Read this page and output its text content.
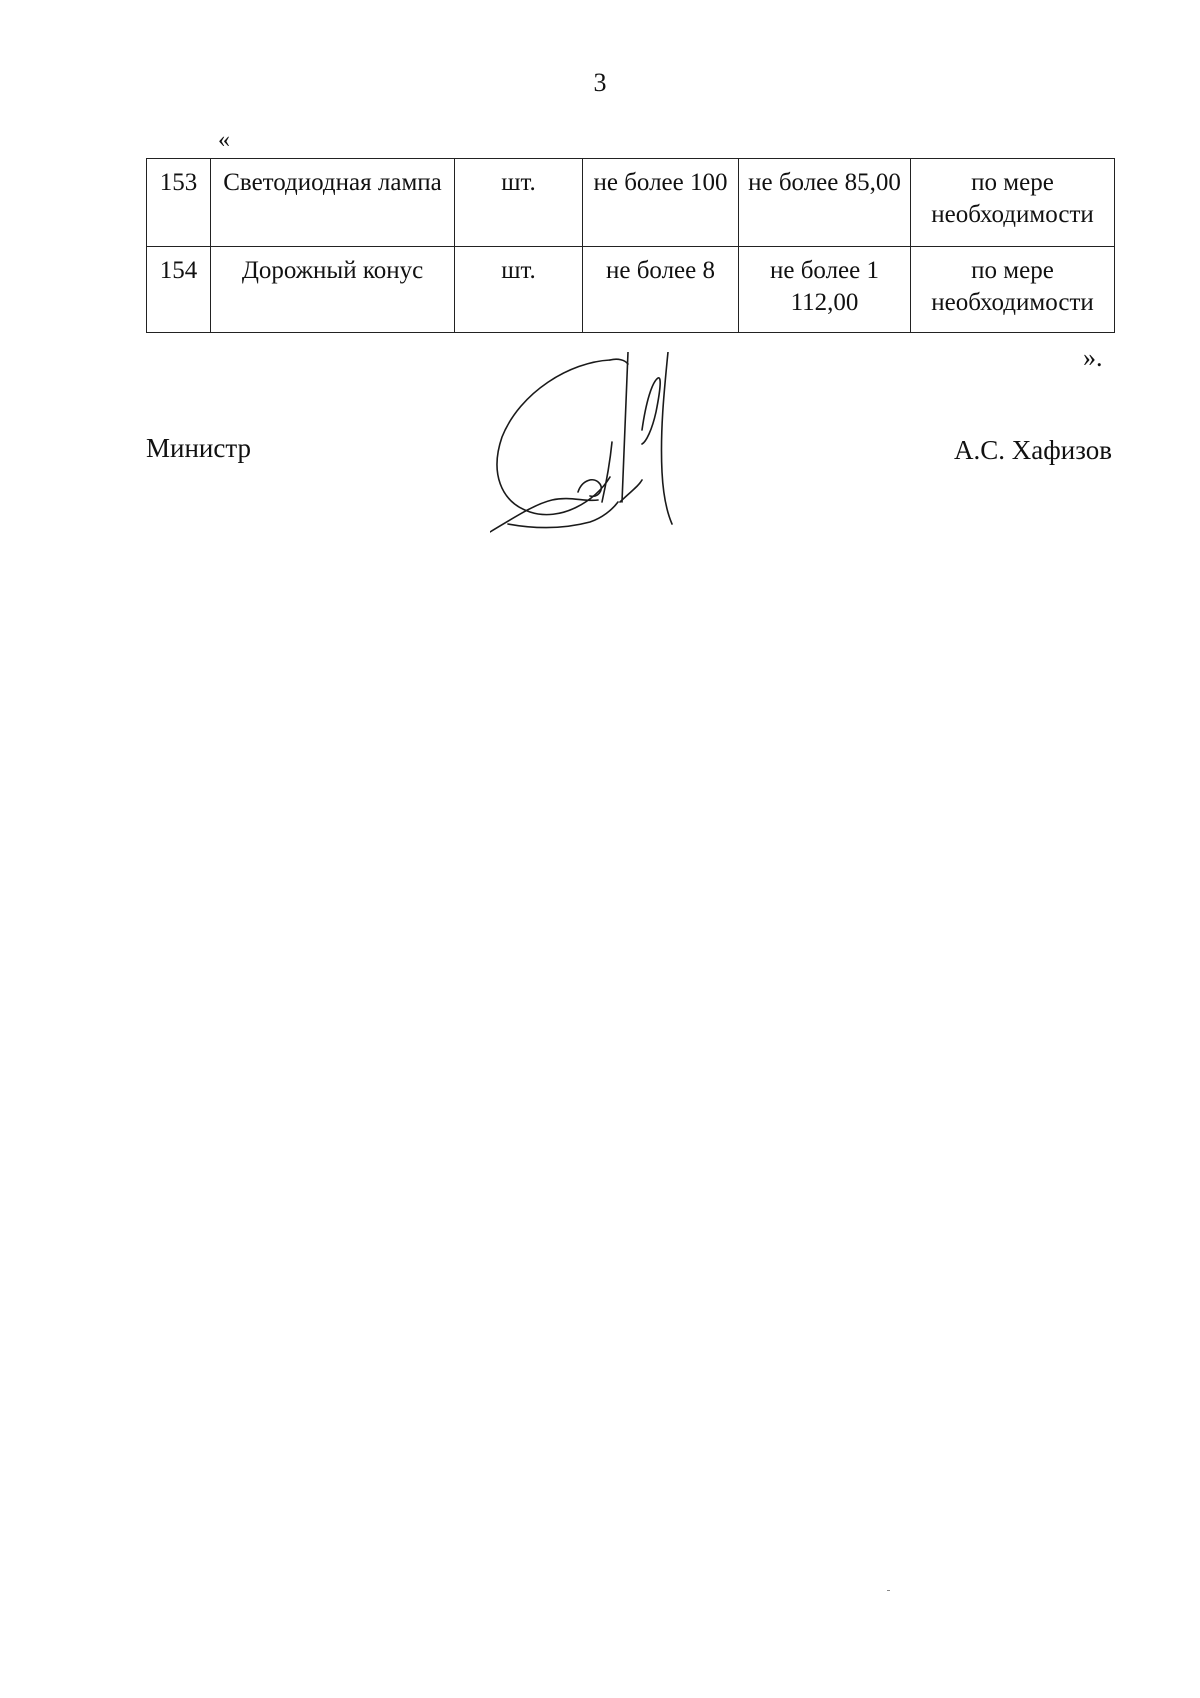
3
«
153	Светодиодная лампа	шт.	не более 100	не более 85,00	по мере необходимости
154	Дорожный конус	шт.	не более 8	не более 1 112,00	по мере необходимости
».
Министр	А.С. Хафизов
